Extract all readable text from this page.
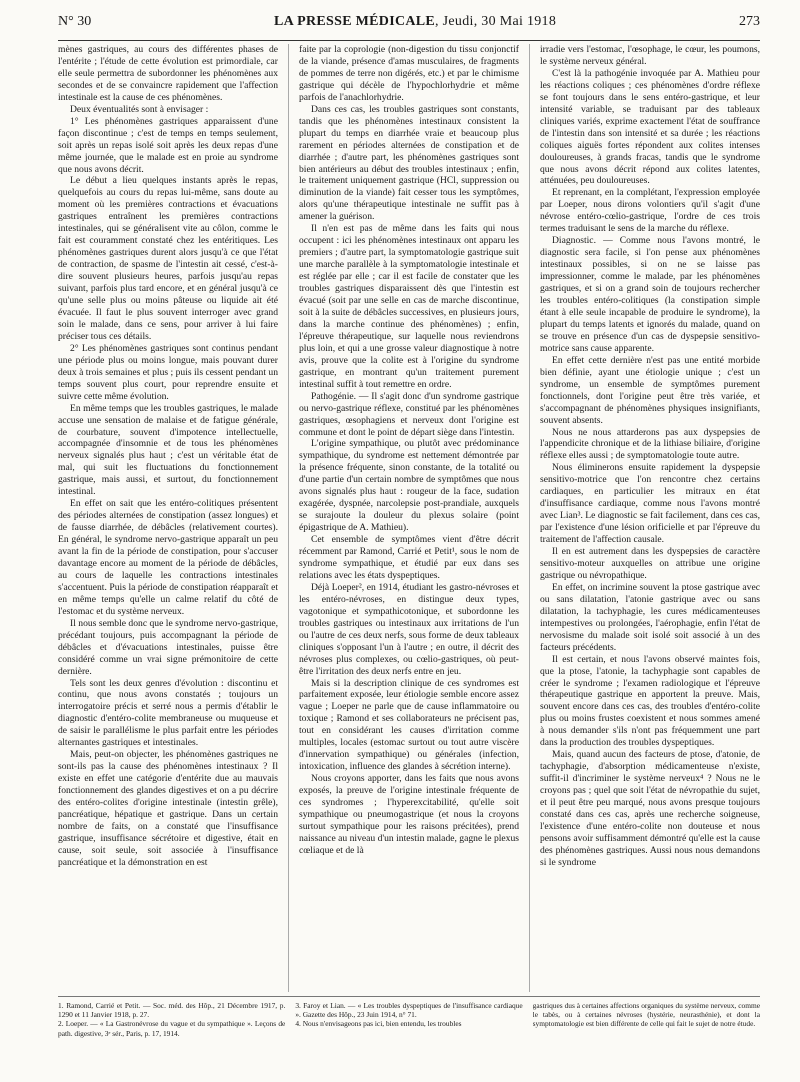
N° 30	LA PRESSE MÉDICALE, Jeudi, 30 Mai 1918	273

mènes gastriques, au cours des différentes phases de l'entérite ; l'étude de cette évolution est primordiale, car elle seule permettra de subordonner les phénomènes aux secondes et de se convaincre rapidement que l'affection intestinale est la cause de ces phénomènes.

Deux éventualités sont à envisager :

1° Les phénomènes gastriques apparaissent d'une façon discontinue ; c'est de temps en temps seulement, soit après un repas isolé soit après les deux repas d'une même journée, que le malade est en proie au syndrome que nous avons décrit.

Le début a lieu quelques instants après le repas, quelquefois au cours du repas lui-même, sans doute au moment où les premières contractions et évacuations gastriques entraînent les premières contractions intestinales, qui se généralisent vite au côlon, comme le fait est couramment constaté chez les entéritiques. Les phénomènes gastriques durent alors jusqu'à ce que l'état de contraction, de spasme de l'intestin ait cessé, c'est-à-dire souvent plusieurs heures, parfois jusqu'au repas suivant, parfois plus tard encore, et en général jusqu'à ce qu'une selle plus ou moins pâteuse ou liquide ait été évacuée. Il faut le plus souvent interroger avec grand soin le malade, dans ce sens, pour arriver à lui faire préciser tous ces détails.

2° Les phénomènes gastriques sont continus pendant une période plus ou moins longue, mais pouvant durer deux à trois semaines et plus ; puis ils cessent pendant un temps souvent plus court, pour reprendre ensuite et suivre cette même évolution.

En même temps que les troubles gastriques, le malade accuse une sensation de malaise et de fatigue générale, de courbature, souvent d'impotence intellectuelle, accompagnée d'insomnie et de tous les phénomènes nerveux signalés plus haut ; c'est un véritable état de mal, qui suit les fluctuations du fonctionnement gastrique, mais aussi, et surtout, du fonctionnement intestinal.

En effet on sait que les entéro-colitiques présentent des périodes alternées de constipation (assez longues) et de fausse diarrhée, de débâcles (relativement courtes). En général, le syndrome nervo-gastrique apparaît un peu avant la fin de la période de constipation, pour s'accuser davantage encore au moment de la période de débâcles, au cours de laquelle les contractions intestinales s'accentuent. Puis la période de constipation réapparaît et en même temps qu'elle un calme relatif du côté de l'estomac et du système nerveux.

Il nous semble donc que le syndrome nervo-gastrique, précédant toujours, puis accompagnant la période de débâcles et d'évacuations intestinales, puisse être considéré comme un vrai signe prémonitoire de cette dernière.

Tels sont les deux genres d'évolution : discontinu et continu, que nous avons constatés ; toujours un interrogatoire précis et serré nous a permis d'établir le diagnostic d'entéro-colite membraneuse ou muqueuse et de saisir le parallélisme le plus parfait entre les périodes alternantes gastriques et intestinales.

Mais, peut-on objecter, les phénomènes gastriques ne sont-ils pas la cause des phénomènes intestinaux ? Il existe en effet une catégorie d'entérite due au mauvais fonctionnement des glandes digestives et on a pu décrire des entéro-colites d'origine intestinale (intestin grêle), pancréatique, hépatique et gastrique. Dans un certain nombre de faits, on a constaté que l'insuffisance gastrique, insuffisance sécrétoire et digestive, était en cause, soit seule, soit associée à l'insuffisance pancréatique et la démonstration en est

faite par la coprologie (non-digestion du tissu conjonctif de la viande, présence d'amas musculaires, de fragments de pommes de terre non digérés, etc.) et par le chimisme gastrique qui décèle de l'hypochlorhydrie et même parfois de l'anachlorhydrie.

Dans ces cas, les troubles gastriques sont constants, tandis que les phénomènes intestinaux consistent la plupart du temps en diarrhée vraie et beaucoup plus rarement en périodes alternées de constipation et de diarrhée ; d'autre part, les phénomènes gastriques sont bien antérieurs au début des troubles intestinaux ; enfin, le traitement uniquement gastrique (HCl, suppression ou diminution de la viande) fait cesser tous les symptômes, alors qu'une thérapeutique intestinale ne suffit pas à amener la guérison.

Il n'en est pas de même dans les faits qui nous occupent : ici les phénomènes intestinaux ont apparu les premiers ; d'autre part, la symptomatologie gastrique suit une marche parallèle à la symptomatologie intestinale et est réglée par elle ; car il est facile de constater que les troubles gastriques disparaissent dès que l'intestin est évacué (soit par une selle en cas de marche discontinue, soit à la suite de débâcles successives, en plusieurs jours, dans la marche continue des phénomènes) ; enfin, l'épreuve thérapeutique, sur laquelle nous reviendrons plus loin, et qui a une grosse valeur diagnostique à notre avis, prouve que la colite est à l'origine du syndrome gastrique, en montrant qu'un traitement purement intestinal suffit à tout remettre en ordre.

Pathogénie. — Il s'agit donc d'un syndrome gastrique ou nervo-gastrique réflexe, constitué par les phénomènes gastriques, œsophagiens et nerveux dont l'origine est commune et dont le point de départ siège dans l'intestin.

L'origine sympathique, ou plutôt avec prédominance sympathique, du syndrome est nettement démontrée par la présence fréquente, sinon constante, de la totalité ou d'une partie d'un certain nombre de symptômes que nous avons signalés plus haut : rougeur de la face, sudation exagérée, dyspnée, narcolepsie post-prandiale, auxquels se surajoute la douleur du plexus solaire (point épigastrique de A. Mathieu).

Cet ensemble de symptômes vient d'être décrit récemment par Ramond, Carrié et Petit¹, sous le nom de syndrome sympathique, et étudié par eux dans ses relations avec les états dyspeptiques.

Déjà Loeper², en 1914, étudiant les gastro-névroses et les entéro-névroses, en distingue deux types, vagotonique et sympathicotonique, et subordonne les troubles gastriques ou intestinaux aux irritations de l'un ou l'autre de ces deux nerfs, sous forme de deux tableaux cliniques s'opposant l'un à l'autre ; en outre, il décrit des névroses plus complexes, ou cœlio-gastriques, où peut-être l'irritation des deux nerfs entre en jeu.

Mais si la description clinique de ces syndromes est parfaitement exposée, leur étiologie semble encore assez vague ; Loeper ne parle que de cause inflammatoire ou toxique ; Ramond et ses collaborateurs ne précisent pas, tout en considérant les causes d'irritation comme multiples, locales (estomac surtout ou tout autre viscère d'innervation sympathique) ou générales (infection, intoxication, influence des glandes à sécrétion interne).

Nous croyons apporter, dans les faits que nous avons exposés, la preuve de l'origine intestinale fréquente de ces syndromes ; l'hyperexcitabilité, qu'elle soit sympathique ou pneumogastrique (et nous la croyons surtout sympathique pour les raisons précitées), prend naissance au niveau d'un intestin malade, gagne le plexus cœliaque et de là

irradie vers l'estomac, l'œsophage, le cœur, les poumons, le système nerveux général.

C'est là la pathogénie invoquée par A. Mathieu pour les réactions coliques ; ces phénomènes d'ordre réflexe se font toujours dans le sens entéro-gastrique, et leur intensité variable, se traduisant par des tableaux cliniques variés, exprime exactement l'état de souffrance de l'intestin dans son intensité et sa durée ; les réactions coliques aiguës fortes répondent aux colites intenses douloureuses, à grands fracas, tandis que le syndrome que nous avons décrit répond aux colites latentes, atténuées, peu douloureuses.

Et reprenant, en la complétant, l'expression employée par Loeper, nous dirons volontiers qu'il s'agit d'une névrose entéro-cœlio-gastrique, l'ordre de ces trois termes traduisant le sens de la marche du réflexe.

Diagnostic. — Comme nous l'avons montré, le diagnostic sera facile, si l'on pense aux phénomènes intestinaux possibles, si on ne se laisse pas impressionner, comme le malade, par les phénomènes gastriques, et si on a grand soin de toujours rechercher les troubles entéro-colitiques (la constipation simple étant à elle seule incapable de produire le syndrome), la plupart du temps latents et ignorés du malade, quand on se trouve en présence d'un cas de dyspepsie sensitivo-motrice sans cause apparente.

En effet cette dernière n'est pas une entité morbide bien définie, ayant une étiologie unique ; c'est un syndrome, un ensemble de symptômes purement fonctionnels, dont l'origine peut être très variée, et s'accompagnant de phénomènes physiques insignifiants, souvent absents.

Nous ne nous attarderons pas aux dyspepsies de l'appendicite chronique et de la lithiase biliaire, d'origine réflexe elles aussi ; de symptomatologie toute autre.

Nous éliminerons ensuite rapidement la dyspepsie sensitivo-motrice que l'on rencontre chez certains cardiaques, en particulier les mitraux en état d'insuffisance cardiaque, comme nous l'avons montré avec Lian³. Le diagnostic se fait facilement, dans ces cas, par l'existence d'une lésion orificielle et par l'épreuve du traitement de l'affection causale.

Il en est autrement dans les dyspepsies de caractère sensitivo-moteur auxquelles on attribue une origine gastrique ou névropathique.

En effet, on incrimine souvent la ptose gastrique avec ou sans dilatation, l'atonie gastrique avec ou sans dilatation, la tachyphagie, les cures médicamenteuses intempestives ou prolongées, l'aérophagie, enfin l'état de nervosisme du malade soit isolé soit associé à un des facteurs précédents.

Il est certain, et nous l'avons observé maintes fois, que la ptose, l'atonie, la tachyphagie sont capables de créer le syndrome ; l'examen radiologique et l'épreuve thérapeutique gastrique en apportent la preuve. Mais, souvent encore dans ces cas, des troubles d'entéro-colite plus ou moins frustes coexistent et nous sommes amené à nous demander s'ils n'ont pas fréquemment une part dans la production des troubles dyspeptiques.

Mais, quand aucun des facteurs de ptose, d'atonie, de tachyphagie, d'absorption médicamenteuse n'existe, suffit-il d'incriminer le système nerveux⁴ ? Nous ne le croyons pas ; quel que soit l'état de névropathie du sujet, et il peut être peu marqué, nous avons presque toujours constaté dans ces cas, après une recherche soigneuse, l'existence d'une entéro-colite non douteuse et nous pensons avoir suffisamment démontré qu'elle est la cause des phénomènes gastriques. Aussi nous nous demandons si le syndrome

1. Ramond, Carrié et Petit. — Soc. méd. des Hôp., 21 Décembre 1917, p. 1290 et 11 Janvier 1918, p. 27.

2. Loeper. — « La Gastronévrose du vague et du sympathique ». Leçons de path. digestive, 3ᵉ sér., Paris, p. 17, 1914.

3. Faroy et Lian. — « Les troubles dyspeptiques de l'insuffisance cardiaque ». Gazette des Hôp., 23 Juin 1914, n° 71.

4. Nous n'envisageons pas ici, bien entendu, les troubles

gastriques dus à certaines affections organiques du système nerveux, comme le tabès, ou à certaines névroses (hystérie, neurasthénie), et dont la symptomatologie est bien différente de celle qui fait le sujet de notre étude.
